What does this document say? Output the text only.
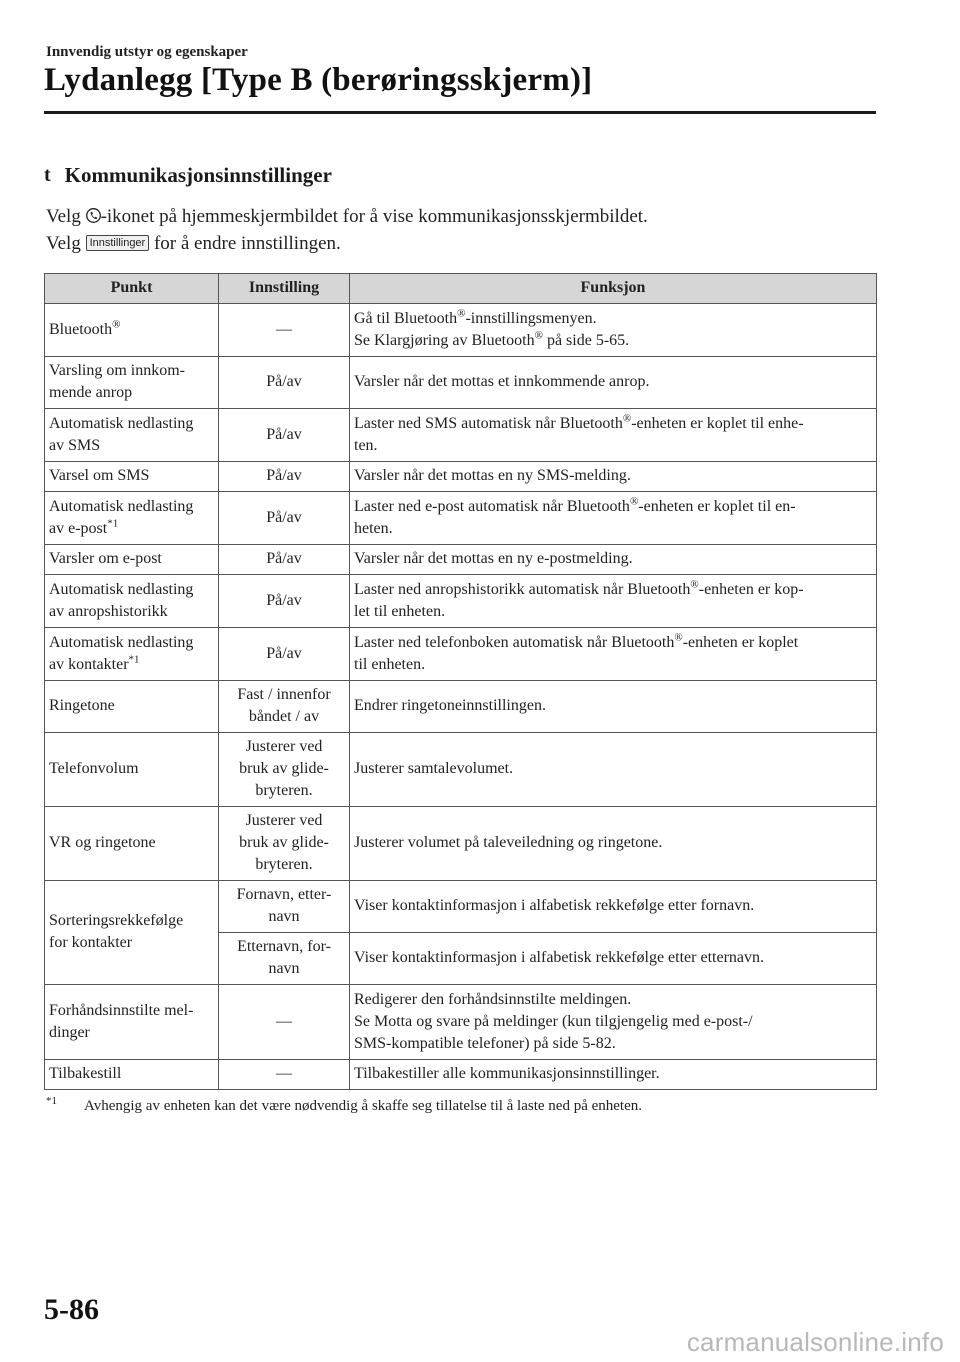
Innvendig utstyr og egenskaper
Lydanlegg [Type B (berøringsskjerm)]
t Kommunikasjonsinnstillinger
Velg -ikonet på hjemmeskjermbildet for å vise kommunikasjonsskjermbildet.
Velg Innstillinger for å endre innstillingen.
Punkt	Innstilling	Funksjon
Bluetooth®	—	Gå til Bluetooth®-innstillingsmenyen.
Se Klargjøring av Bluetooth® på side 5-65.
Varsling om innkom-
mende anrop	På/av	Varsler når det mottas et innkommende anrop.
Automatisk nedlasting
av SMS	På/av	Laster ned SMS automatisk når Bluetooth®-enheten er koplet til enhe-
ten.
Varsel om SMS	På/av	Varsler når det mottas en ny SMS-melding.
Automatisk nedlasting
av e-post$^{*1}$	På/av	Laster ned e-post automatisk når Bluetooth®-enheten er koplet til en-
heten.
Varsler om e-post	På/av	Varsler når det mottas en ny e-postmelding.
Automatisk nedlasting
av anropshistorikk	På/av	Laster ned anropshistorikk automatisk når Bluetooth®-enheten er kop-
let til enheten.
Automatisk nedlasting
av kontakter$^{*1}$	På/av	Laster ned telefonboken automatisk når Bluetooth®-enheten er koplet
til enheten.
Ringetone	Fast / innenfor
båndet / av	Endrer ringetoneinnstillingen.
Telefonvolum	Justerer ved
bruk av glide-
bryteren.	Justerer samtalevolumet.
VR og ringetone	Justerer ved
bruk av glide-
bryteren.	Justerer volumet på taleveiledning og ringetone.
Sorteringsrekkefølge
for kontakter	Fornavn, etter-
navn	Viser kontaktinformasjon i alfabetisk rekkefølge etter fornavn.
	Etternavn, for-
navn	Viser kontaktinformasjon i alfabetisk rekkefølge etter etternavn.
Forhåndsinnstilte mel-
dinger	—	Redigerer den forhåndsinnstilte meldingen.
Se Motta og svare på meldinger (kun tilgjengelig med e-post-/
SMS-kompatible telefoner) på side 5-82.
Tilbakestill	—	Tilbakestiller alle kommunikasjonsinnstillinger.
$^{*1}$ Avhengig av enheten kan det være nødvendig å skaffe seg tillatelse til å laste ned på enheten.
5-86
carmanualsonline.info
